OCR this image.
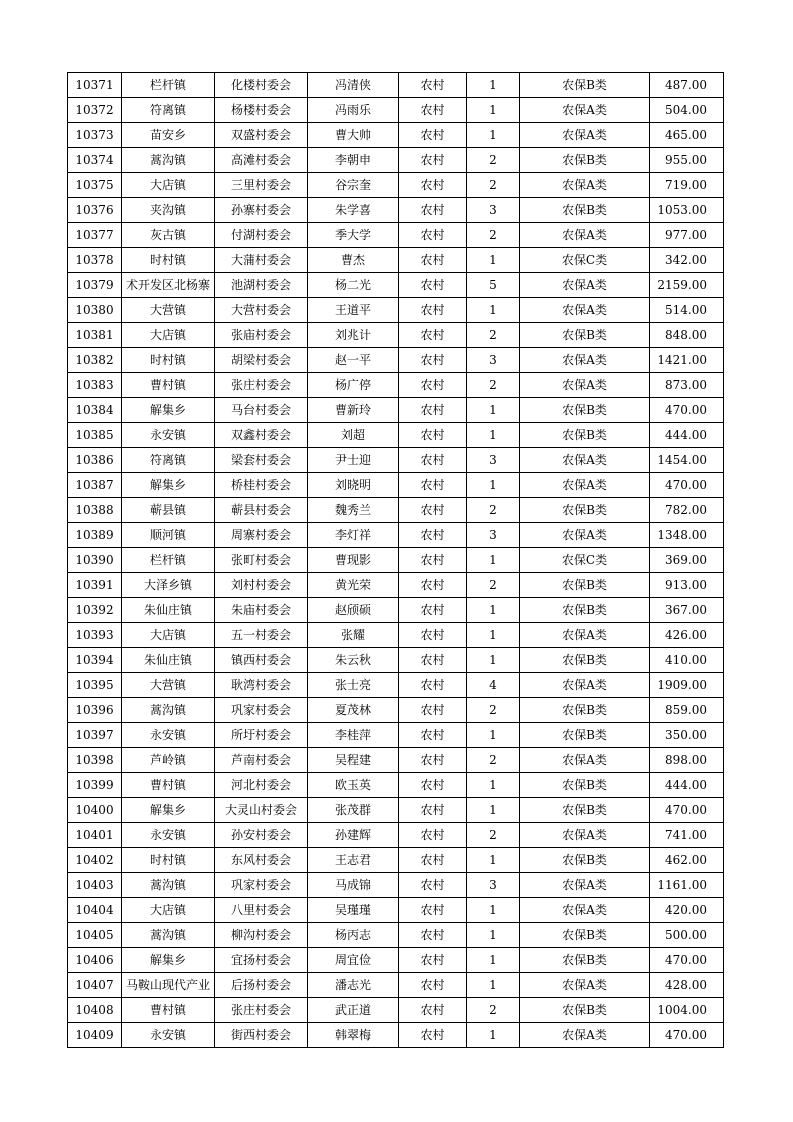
10371	栏杆镇	化楼村委会	冯清侠	农村	1	农保B类	487.00
10372	符离镇	杨楼村委会	冯雨乐	农村	1	农保A类	504.00
10373	苗安乡	双盛村委会	曹大帅	农村	1	农保A类	465.00
10374	蒿沟镇	高滩村委会	李朝申	农村	2	农保B类	955.00
10375	大店镇	三里村委会	谷宗奎	农村	2	农保A类	719.00
10376	夹沟镇	孙寨村委会	朱学喜	农村	3	农保B类	1053.00
10377	灰古镇	付湖村委会	季大学	农村	2	农保A类	977.00
10378	时村镇	大蒲村委会	曹杰	农村	1	农保C类	342.00
10379	术开发区北杨寨	池湖村委会	杨二光	农村	5	农保A类	2159.00
10380	大营镇	大营村委会	王道平	农村	1	农保A类	514.00
10381	大店镇	张庙村委会	刘兆计	农村	2	农保B类	848.00
10382	时村镇	胡梁村委会	赵一平	农村	3	农保A类	1421.00
10383	曹村镇	张庄村委会	杨广停	农村	2	农保A类	873.00
10384	解集乡	马台村委会	曹新玲	农村	1	农保B类	470.00
10385	永安镇	双鑫村委会	刘超	农村	1	农保B类	444.00
10386	符离镇	梁套村委会	尹士迎	农村	3	农保A类	1454.00
10387	解集乡	桥桂村委会	刘晓明	农村	1	农保A类	470.00
10388	蕲县镇	蕲县村委会	魏秀兰	农村	2	农保B类	782.00
10389	顺河镇	周寨村委会	李灯祥	农村	3	农保A类	1348.00
10390	栏杆镇	张町村委会	曹现影	农村	1	农保C类	369.00
10391	大泽乡镇	刘村村委会	黄光荣	农村	2	农保B类	913.00
10392	朱仙庄镇	朱庙村委会	赵颀硕	农村	1	农保B类	367.00
10393	大店镇	五一村委会	张耀	农村	1	农保A类	426.00
10394	朱仙庄镇	镇西村委会	朱云秋	农村	1	农保B类	410.00
10395	大营镇	耿湾村委会	张士亮	农村	4	农保A类	1909.00
10396	蒿沟镇	巩家村委会	夏茂林	农村	2	农保B类	859.00
10397	永安镇	所圩村委会	李桂萍	农村	1	农保B类	350.00
10398	芦岭镇	芦南村委会	吴程建	农村	2	农保A类	898.00
10399	曹村镇	河北村委会	欧玉英	农村	1	农保B类	444.00
10400	解集乡	大灵山村委会	张茂群	农村	1	农保B类	470.00
10401	永安镇	孙安村委会	孙建辉	农村	2	农保A类	741.00
10402	时村镇	东风村委会	王志君	农村	1	农保B类	462.00
10403	蒿沟镇	巩家村委会	马成锦	农村	3	农保A类	1161.00
10404	大店镇	八里村委会	吴瑾瑾	农村	1	农保A类	420.00
10405	蒿沟镇	柳沟村委会	杨丙志	农村	1	农保B类	500.00
10406	解集乡	宜扬村委会	周宜俭	农村	1	农保B类	470.00
10407	马鞍山现代产业	后扬村委会	潘志光	农村	1	农保A类	428.00
10408	曹村镇	张庄村委会	武正道	农村	2	农保B类	1004.00
10409	永安镇	街西村委会	韩翠梅	农村	1	农保A类	470.00
